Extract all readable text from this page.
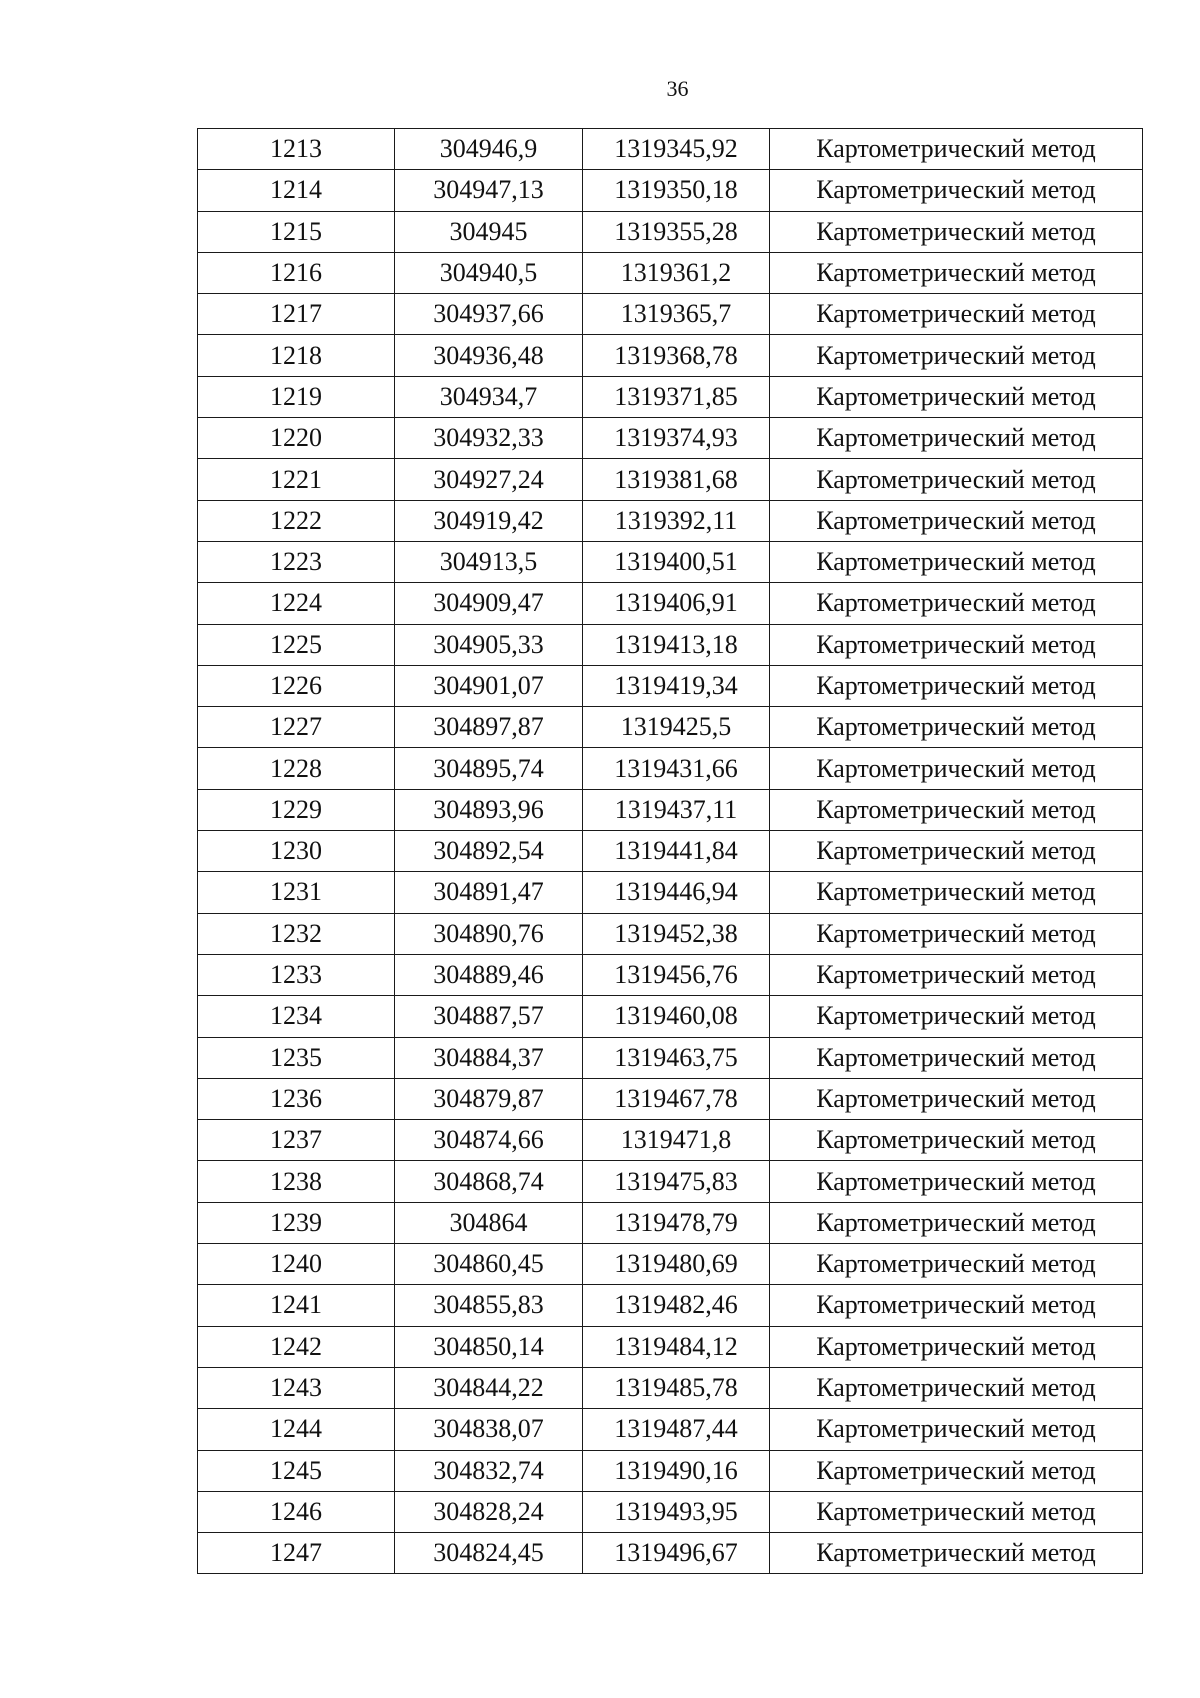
36
1213	304946,9	1319345,92	Картометрический метод
1214	304947,13	1319350,18	Картометрический метод
1215	304945	1319355,28	Картометрический метод
1216	304940,5	1319361,2	Картометрический метод
1217	304937,66	1319365,7	Картометрический метод
1218	304936,48	1319368,78	Картометрический метод
1219	304934,7	1319371,85	Картометрический метод
1220	304932,33	1319374,93	Картометрический метод
1221	304927,24	1319381,68	Картометрический метод
1222	304919,42	1319392,11	Картометрический метод
1223	304913,5	1319400,51	Картометрический метод
1224	304909,47	1319406,91	Картометрический метод
1225	304905,33	1319413,18	Картометрический метод
1226	304901,07	1319419,34	Картометрический метод
1227	304897,87	1319425,5	Картометрический метод
1228	304895,74	1319431,66	Картометрический метод
1229	304893,96	1319437,11	Картометрический метод
1230	304892,54	1319441,84	Картометрический метод
1231	304891,47	1319446,94	Картометрический метод
1232	304890,76	1319452,38	Картометрический метод
1233	304889,46	1319456,76	Картометрический метод
1234	304887,57	1319460,08	Картометрический метод
1235	304884,37	1319463,75	Картометрический метод
1236	304879,87	1319467,78	Картометрический метод
1237	304874,66	1319471,8	Картометрический метод
1238	304868,74	1319475,83	Картометрический метод
1239	304864	1319478,79	Картометрический метод
1240	304860,45	1319480,69	Картометрический метод
1241	304855,83	1319482,46	Картометрический метод
1242	304850,14	1319484,12	Картометрический метод
1243	304844,22	1319485,78	Картометрический метод
1244	304838,07	1319487,44	Картометрический метод
1245	304832,74	1319490,16	Картометрический метод
1246	304828,24	1319493,95	Картометрический метод
1247	304824,45	1319496,67	Картометрический метод
